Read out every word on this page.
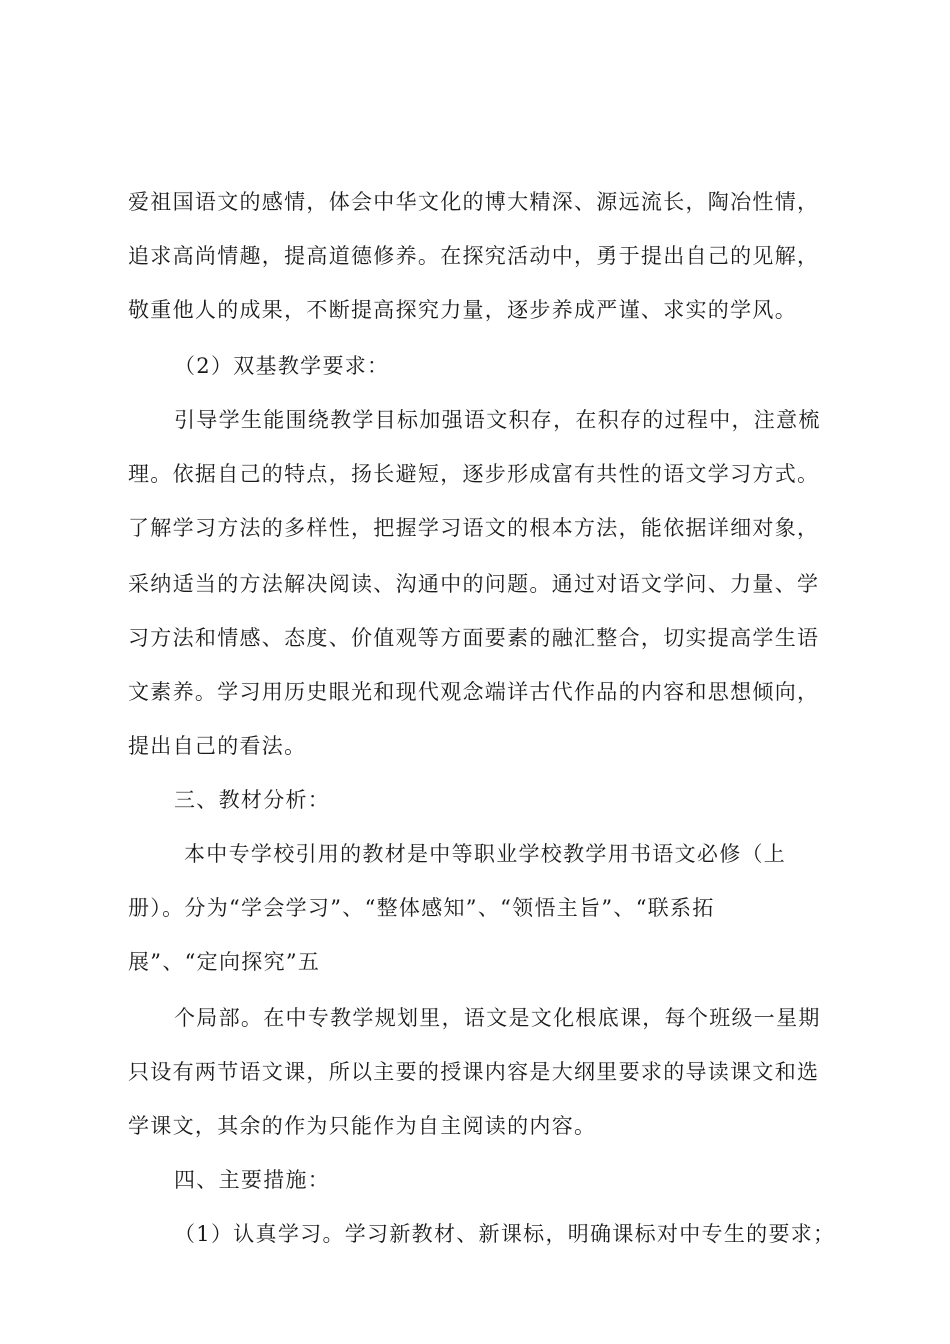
爱祖国语文的感情，体会中华文化的博大精深、源远流长，陶冶性情，
追求高尚情趣，提高道德修养。在探究活动中，勇于提出自己的见解，
敬重他人的成果，不断提高探究力量，逐步养成严谨、求实的学风。
（2）双基教学要求：
引导学生能围绕教学目标加强语文积存，在积存的过程中，注意梳
理。依据自己的特点，扬长避短，逐步形成富有共性的语文学习方式。
了解学习方法的多样性，把握学习语文的根本方法，能依据详细对象，
采纳适当的方法解决阅读、沟通中的问题。通过对语文学问、力量、学
习方法和情感、态度、价值观等方面要素的融汇整合，切实提高学生语
文素养。学习用历史眼光和现代观念端详古代作品的内容和思想倾向，
提出自己的看法。
三、教材分析：
本中专学校引用的教材是中等职业学校教学用书语文必修（上
册）。分为“学会学习”、“整体感知”、“领悟主旨”、“联系拓
展”、“定向探究”五
个局部。在中专教学规划里，语文是文化根底课，每个班级一星期
只设有两节语文课，所以主要的授课内容是大纲里要求的导读课文和选
学课文，其余的作为只能作为自主阅读的内容。
四、主要措施：
（1）认真学习。学习新教材、新课标，明确课标对中专生的要求；
